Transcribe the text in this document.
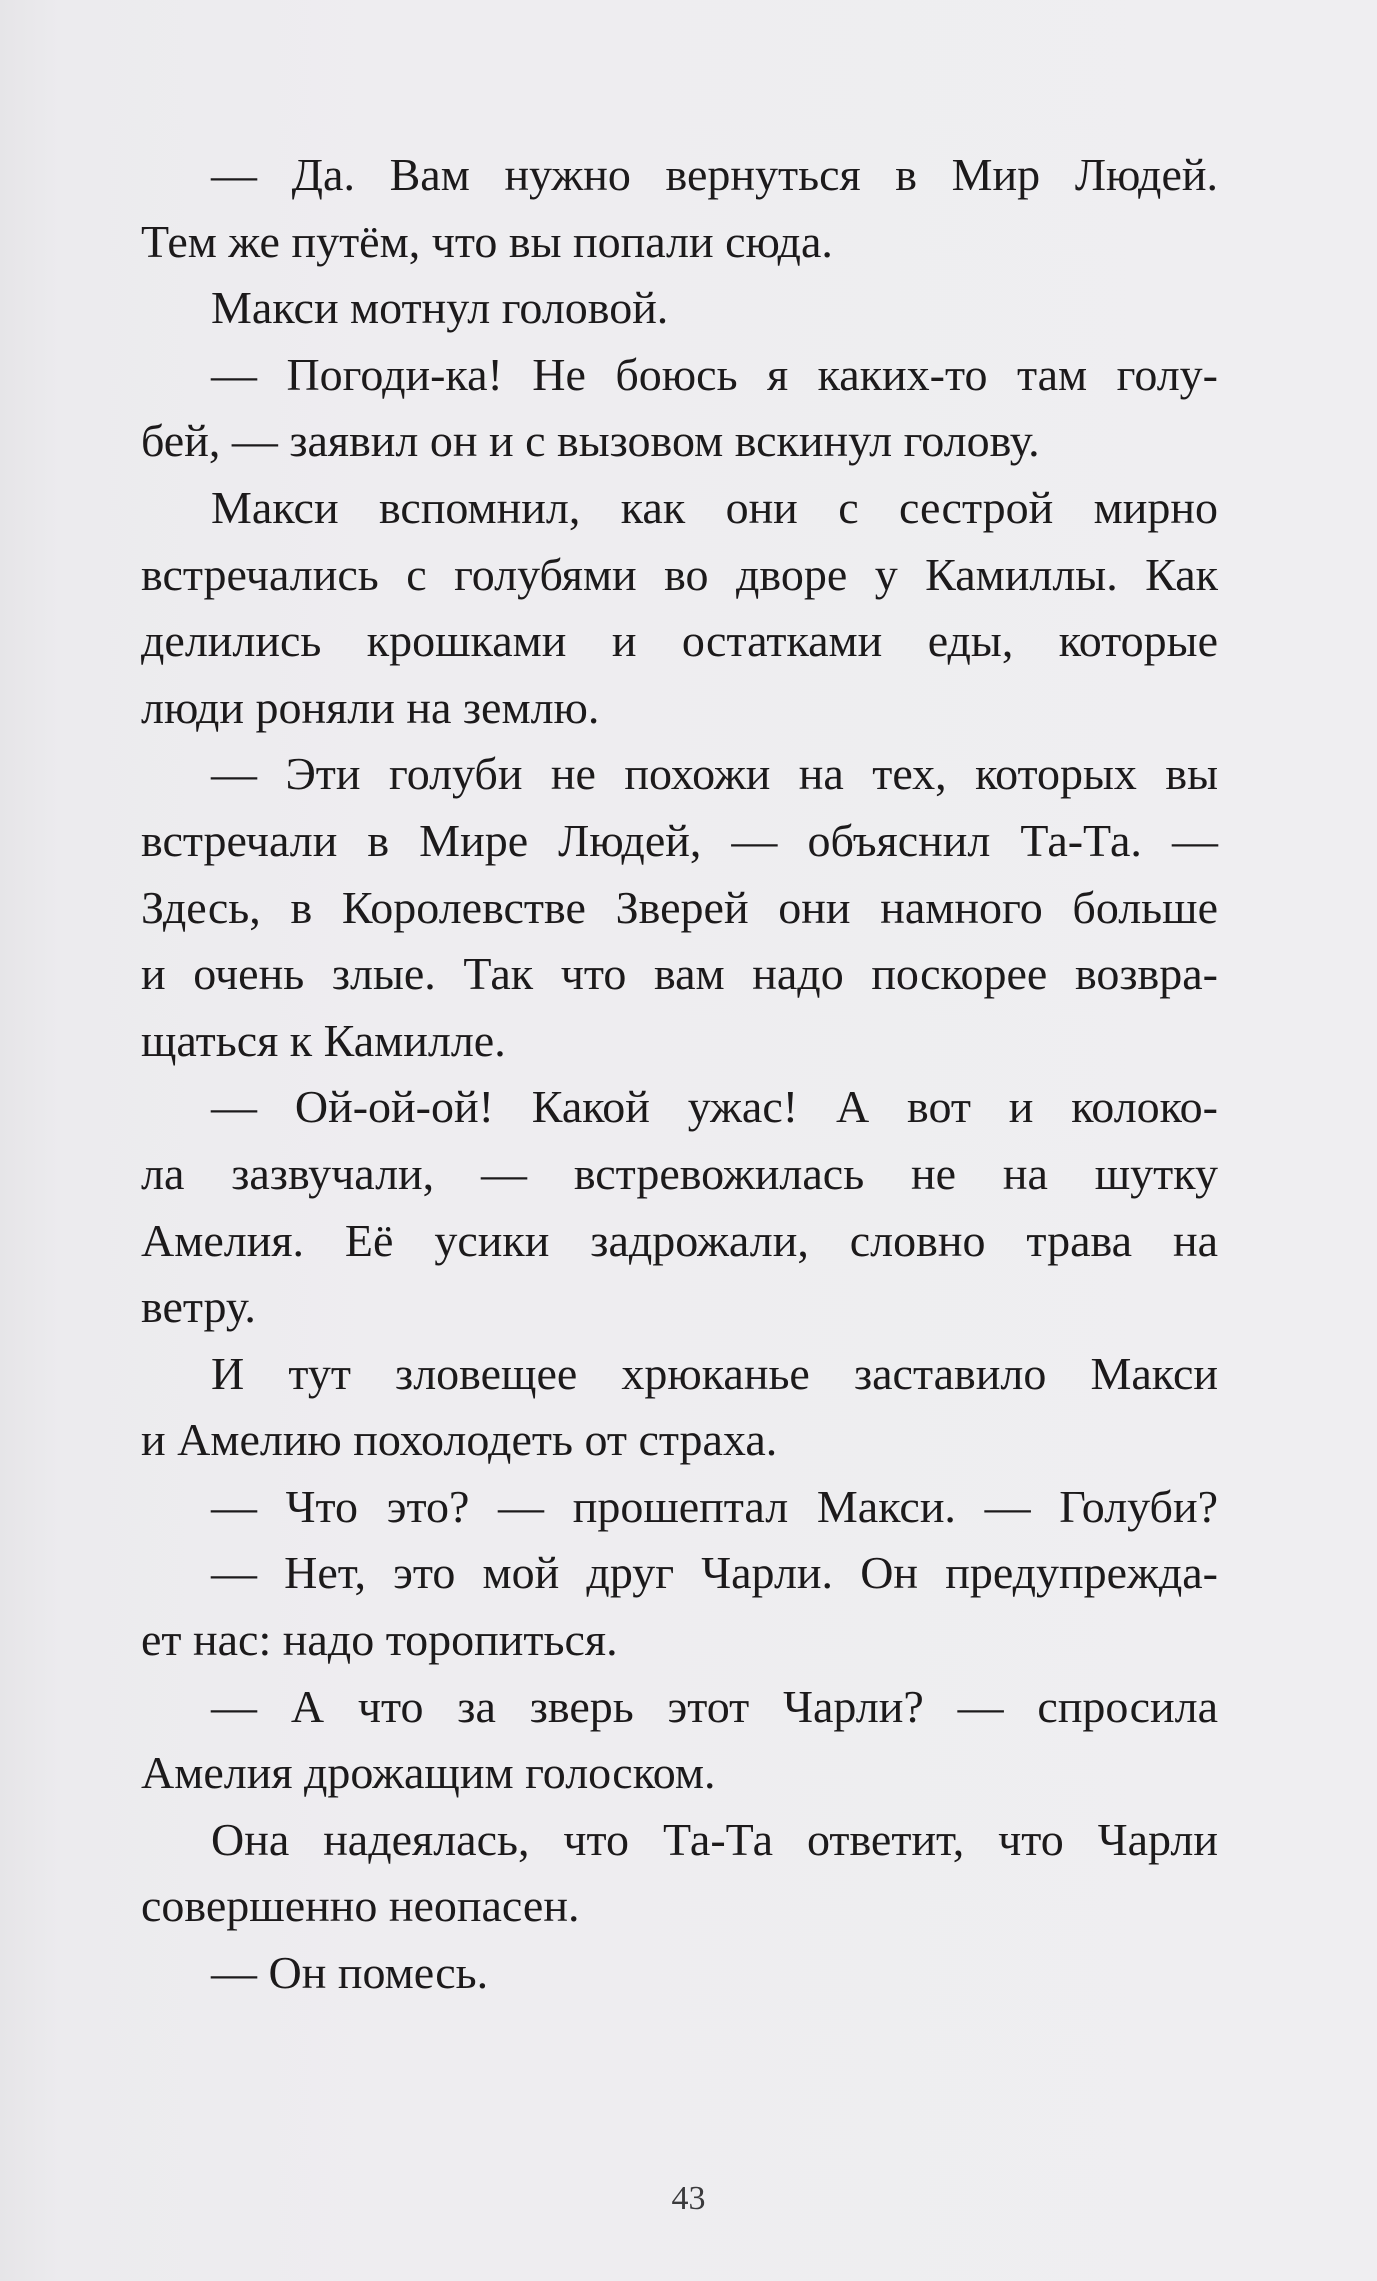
— Да. Вам нужно вернуться в Мир Людей.
Тем же путём, что вы попали сюда.
Макси мотнул головой.
— Погоди-ка! Не боюсь я каких-то там голу-
бей, — заявил он и с вызовом вскинул голову.
Макси вспомнил, как они с сестрой мирно
встречались с голубями во дворе у Камиллы. Как
делились крошками и остатками еды, которые
люди роняли на землю.
— Эти голуби не похожи на тех, которых вы
встречали в Мире Людей, — объяснил Та-Та. —
Здесь, в Королевстве Зверей они намного больше
и очень злые. Так что вам надо поскорее возвра-
щаться к Камилле.
— Ой-ой-ой! Какой ужас! А вот и колоко-
ла зазвучали, — встревожилась не на шутку
Амелия. Её усики задрожали, словно трава на
ветру.
И тут зловещее хрюканье заставило Макси
и Амелию похолодеть от страха.
— Что это? — прошептал Макси. — Голуби?
— Нет, это мой друг Чарли. Он предупрежда-
ет нас: надо торопиться.
— А что за зверь этот Чарли? — спросила
Амелия дрожащим голоском.
Она надеялась, что Та-Та ответит, что Чарли
совершенно неопасен.
— Он помесь.
43
